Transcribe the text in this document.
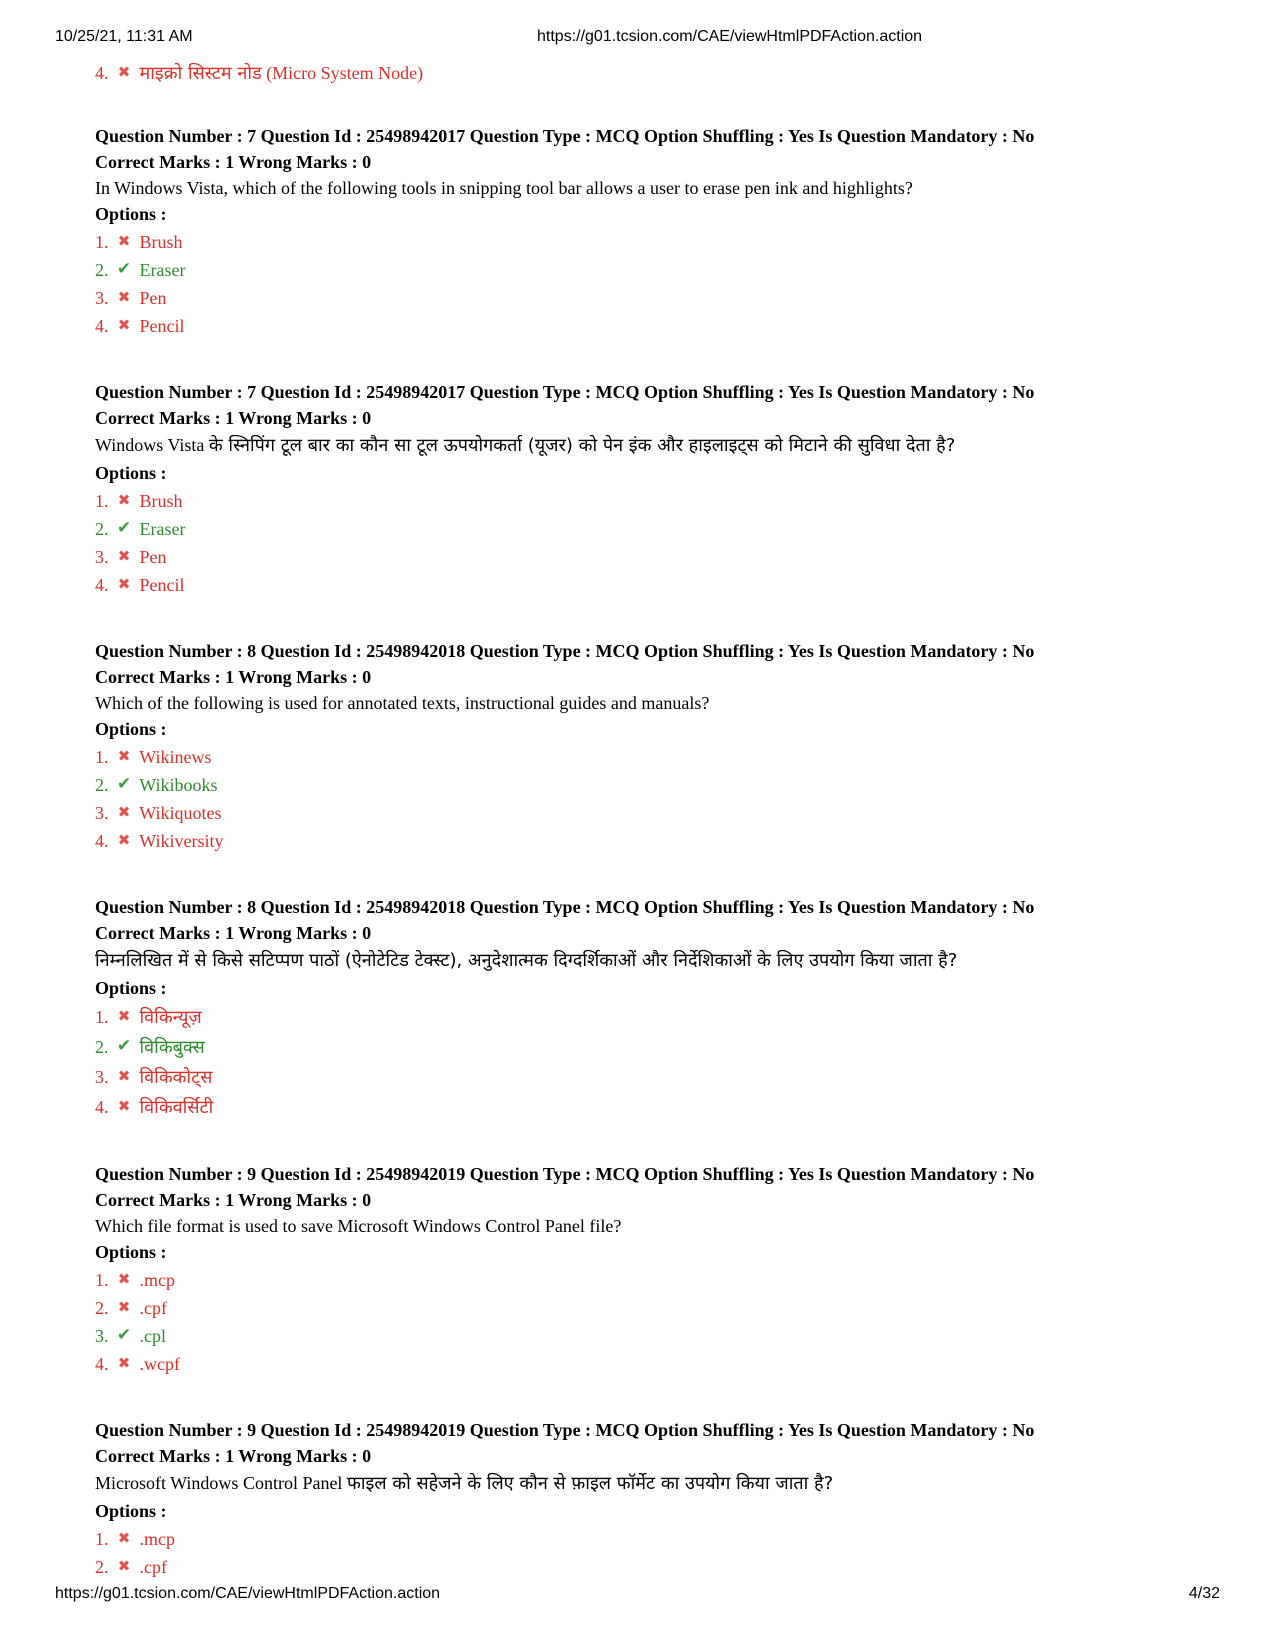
10/25/21, 11:31 AM	https://g01.tcsion.com/CAE/viewHtmlPDFAction.action
4. ✖ माइक्रो सिस्टम नोड (Micro System Node)
Question Number : 7 Question Id : 25498942017 Question Type : MCQ Option Shuffling : Yes Is Question Mandatory : No
Correct Marks : 1 Wrong Marks : 0
In Windows Vista, which of the following tools in snipping tool bar allows a user to erase pen ink and highlights?
Options :
1. ✖ Brush
2. ✔ Eraser
3. ✖ Pen
4. ✖ Pencil
Question Number : 7 Question Id : 25498942017 Question Type : MCQ Option Shuffling : Yes Is Question Mandatory : No
Correct Marks : 1 Wrong Marks : 0
Windows Vista के स्निपिंग टूल बार का कौन सा टूल ऊपयोगकर्ता (यूजर) को पेन इंक और हाइलाइट्स को मिटाने की सुविधा देता है?
Options :
1. ✖ Brush
2. ✔ Eraser
3. ✖ Pen
4. ✖ Pencil
Question Number : 8 Question Id : 25498942018 Question Type : MCQ Option Shuffling : Yes Is Question Mandatory : No
Correct Marks : 1 Wrong Marks : 0
Which of the following is used for annotated texts, instructional guides and manuals?
Options :
1. ✖ Wikinews
2. ✔ Wikibooks
3. ✖ Wikiquotes
4. ✖ Wikiversity
Question Number : 8 Question Id : 25498942018 Question Type : MCQ Option Shuffling : Yes Is Question Mandatory : No
Correct Marks : 1 Wrong Marks : 0
निम्नलिखित में से किसे सटिप्पण पाठों (ऐनोटेटिड टेक्स्ट), अनुदेशात्मक दिग्दर्शिकाओं और निर्देशिकाओं के लिए उपयोग किया जाता है?
Options :
1. ✖ विकिन्यूज़
2. ✔ विकिबुक्स
3. ✖ विकिकोट्स
4. ✖ विकिवर्सिटी
Question Number : 9 Question Id : 25498942019 Question Type : MCQ Option Shuffling : Yes Is Question Mandatory : No
Correct Marks : 1 Wrong Marks : 0
Which file format is used to save Microsoft Windows Control Panel file?
Options :
1. ✖ .mcp
2. ✖ .cpf
3. ✔ .cpl
4. ✖ .wcpf
Question Number : 9 Question Id : 25498942019 Question Type : MCQ Option Shuffling : Yes Is Question Mandatory : No
Correct Marks : 1 Wrong Marks : 0
Microsoft Windows Control Panel फाइल को सहेजने के लिए कौन से फ़ाइल फॉर्मेट का उपयोग किया जाता है?
Options :
1. ✖ .mcp
2. ✖ .cpf
https://g01.tcsion.com/CAE/viewHtmlPDFAction.action	4/32
